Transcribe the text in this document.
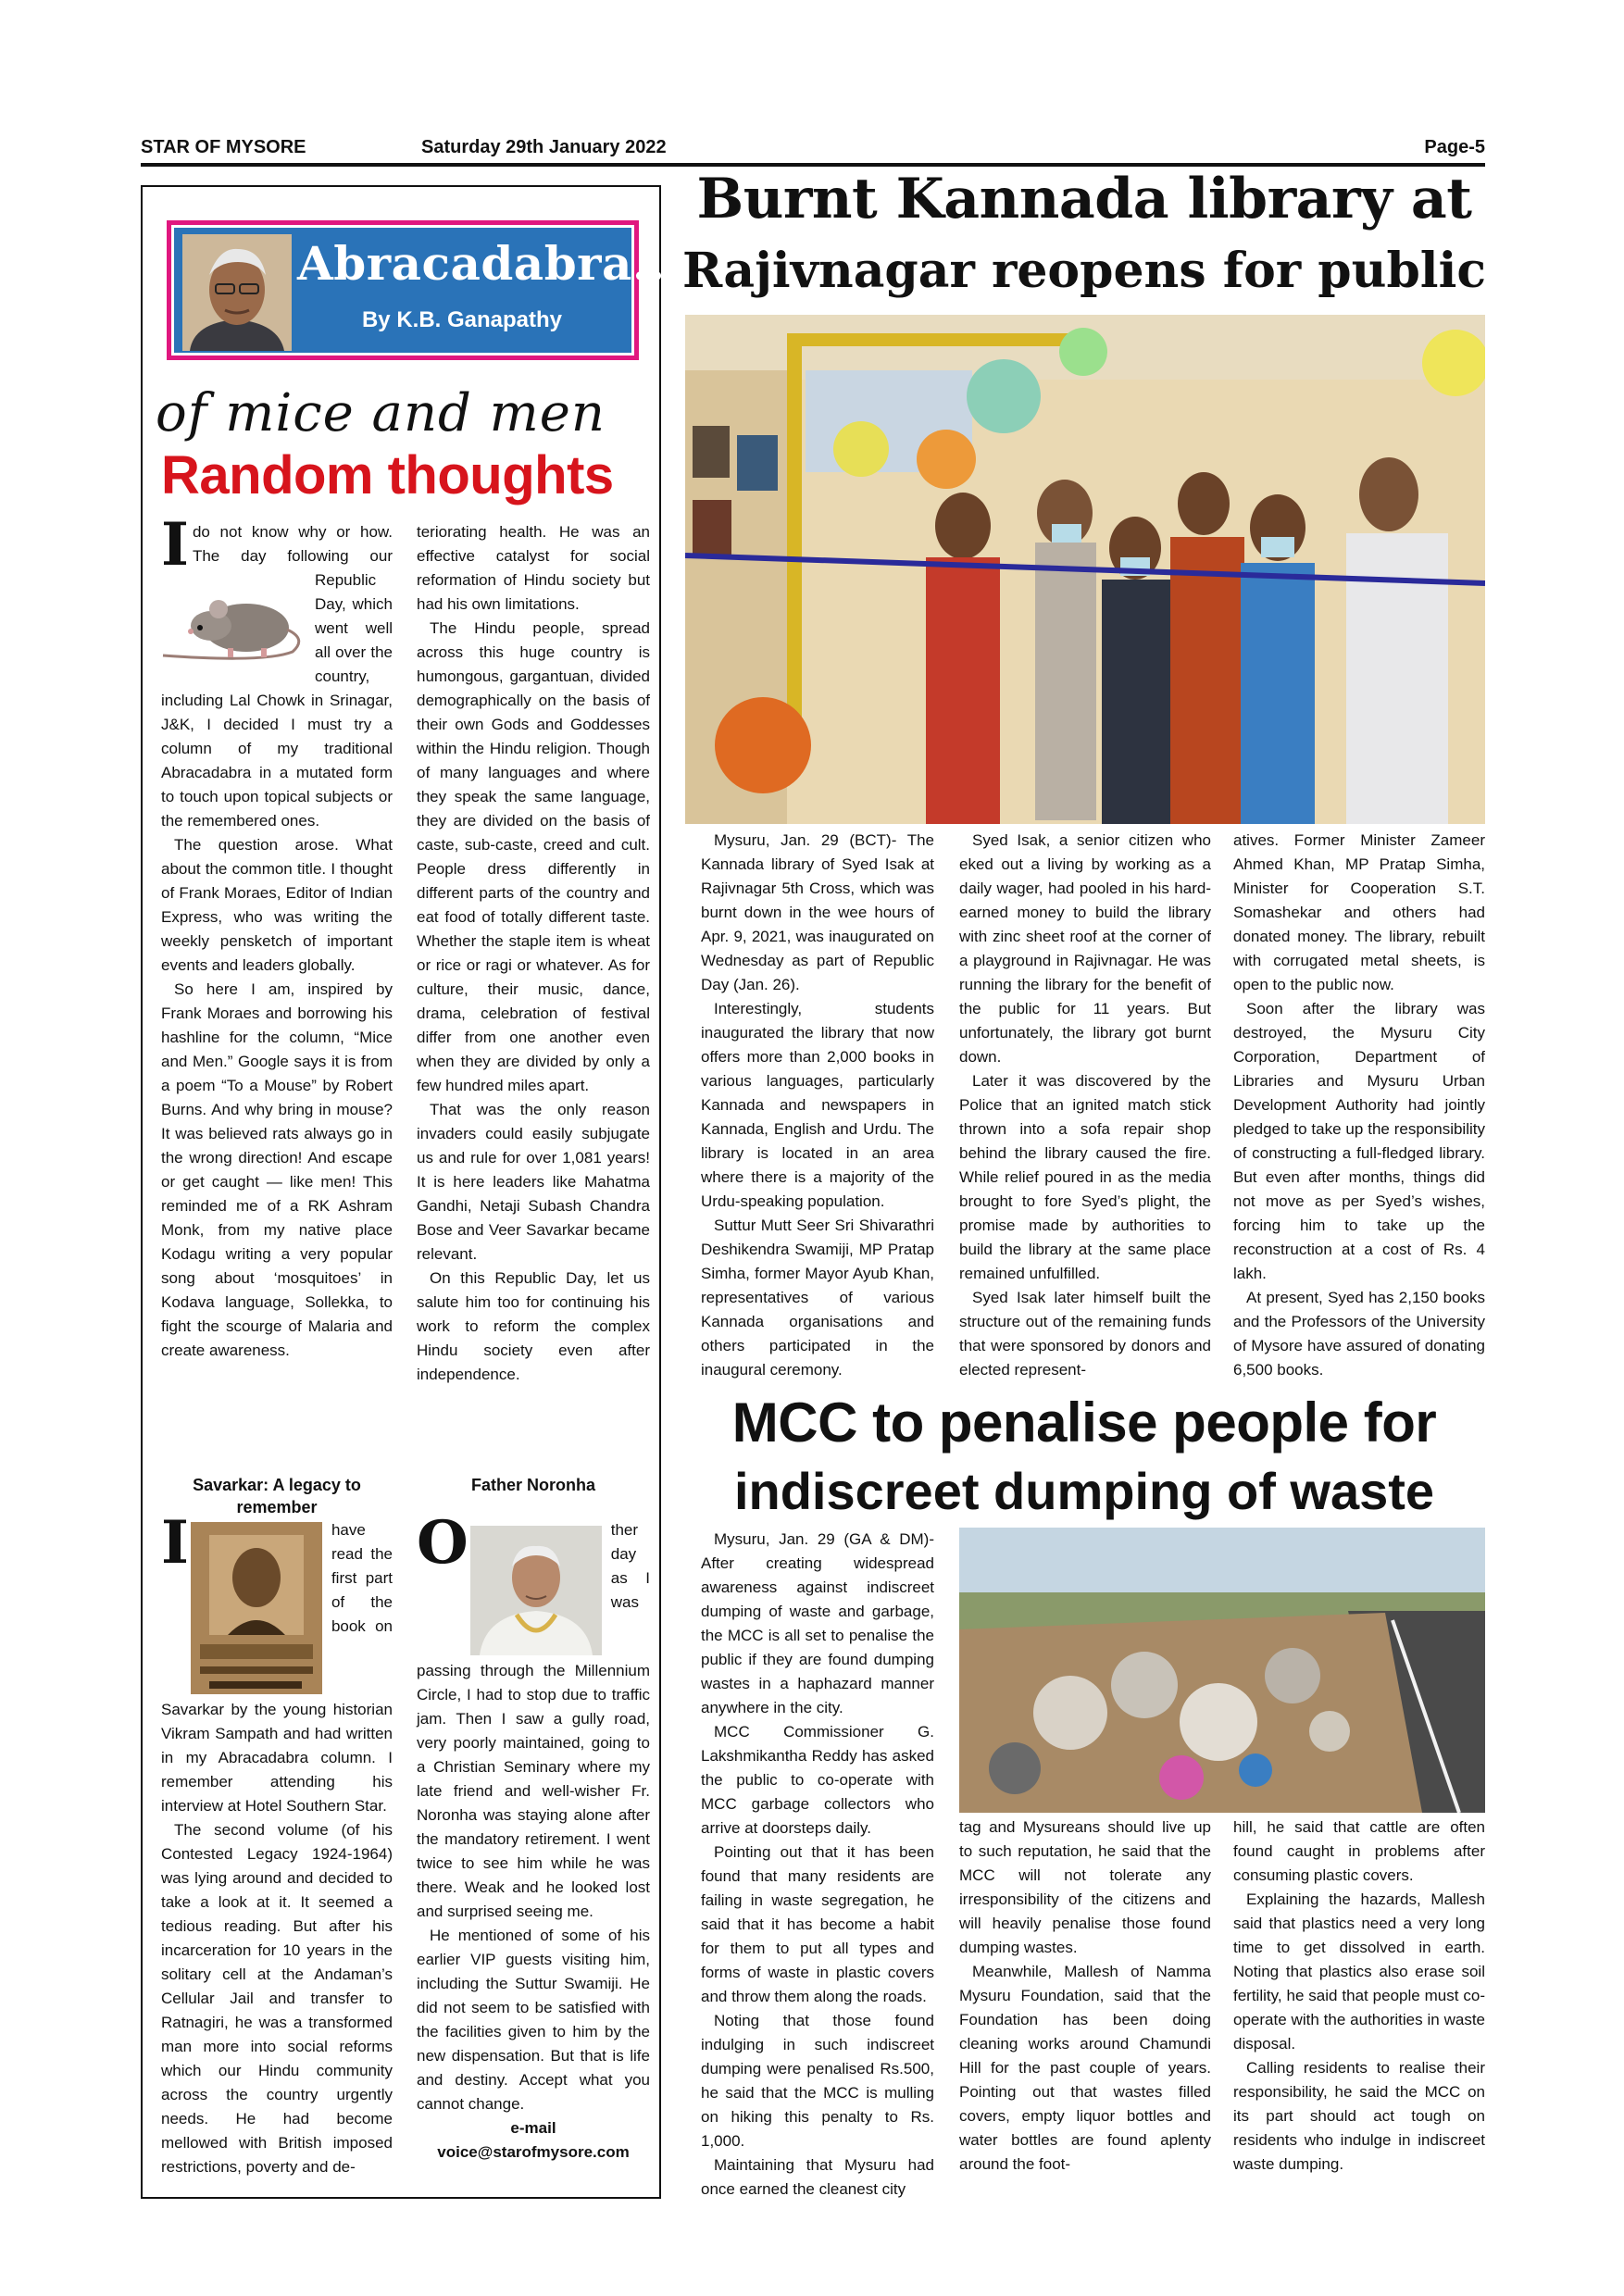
STAR OF MYSORE	Saturday 29th January 2022	Page-5
Abracadabra...
By K.B. Ganapathy
of mice and men
Random thoughts

I do not know why or how. The day following our Republic Day, which went well all over the country, including Lal Chowk in Srinagar, J&K, I decided I must try a column of my traditional Abracadabra in a mutated form to touch upon topical subjects or the remembered ones.

The question arose. What about the common title. I thought of Frank Moraes, Editor of Indian Express, who was writing the weekly pensketch of important events and leaders globally.

So here I am, inspired by Frank Moraes and borrowing his hashline for the column, “Mice and Men.” Google says it is from a poem “To a Mouse” by Robert Burns. And why bring in mouse? It was believed rats always go in the wrong direction! And escape or get caught — like men! This reminded me of a RK Ashram Monk, from my native place Kodagu writing a very popular song about ‘mosquitoes’ in Kodava language, Sollekka, to fight the scourge of Malaria and create awareness.

teriorating health. He was an effective catalyst for social reformation of Hindu society but had his own limitations.

The Hindu people, spread across this huge country is humongous, gargantuan, divided demographically on the basis of their own Gods and Goddesses within the Hindu religion. Though of many languages and where they speak the same language, they are divided on the basis of caste, sub-caste, creed and cult. People dress differently in different parts of the country and eat food of totally different taste. Whether the staple item is wheat or rice or ragi or whatever. As for culture, their music, dance, drama, celebration of festival differ from one another even when they are divided by only a few hundred miles apart.

That was the only reason invaders could easily subjugate us and rule for over 1,081 years! It is here leaders like Mahatma Gandhi, Netaji Subash Chandra Bose and Veer Savarkar became relevant.

On this Republic Day, let us salute him too for continuing his work to reform the complex Hindu society even after independence.

Savarkar: A legacy to remember
Father Noronha

I	have read the first part of the book on Savarkar by the young historian Vikram Sampath and had written in my Abracadabra column. I remember attending his interview at Hotel Southern Star.

The second volume (of his Contested Legacy 1924-1964) was lying around and decided to take a look at it. It seemed a tedious reading. But after his incarceration for 10 years in the solitary cell at the Andaman’s Cellular Jail and transfer to Ratnagiri, he was a transformed man more into social reforms which our Hindu community across the country urgently needs. He had become mellowed with British imposed restrictions, poverty and de-

O	ther day as I was passing through the Millennium Circle, I had to stop due to traffic jam. Then I saw a gully road, very poorly maintained, going to a Christian Seminary where my late friend and well-wisher Fr. Noronha was staying alone after the mandatory retirement. I went twice to see him while he was there. Weak and he looked lost and surprised seeing me.

He mentioned of some of his earlier VIP guests visiting him, including the Suttur Swamiji. He did not seem to be satisfied with the facilities given to him by the new dispensation. But that is life and destiny. Accept what you cannot change.

e-mail

voice@starofmysore.com

Burnt Kannada library at
Rajivnagar reopens for public

Mysuru, Jan. 29 (BCT)- The Kannada library of Syed Isak at Rajivnagar 5th Cross, which was burnt down in the wee hours of Apr. 9, 2021, was inaugurated on Wednesday as part of Republic Day (Jan. 26).

Interestingly, students inaugurated the library that now offers more than 2,000 books in various languages, particularly Kannada and newspapers in Kannada, English and Urdu. The library is located in an area where there is a majority of the Urdu-speaking population.

Suttur Mutt Seer Sri Shivarathri Deshikendra Swamiji, MP Pratap Simha, former Mayor Ayub Khan, representatives of various Kannada organisations and others participated in the inaugural ceremony.

Syed Isak, a senior citizen who eked out a living by working as a daily wager, had pooled in his hard-earned money to build the library with zinc sheet roof at the corner of a playground in Rajivnagar. He was running the library for the benefit of the public for 11 years. But unfortunately, the library got burnt down.

Later it was discovered by the Police that an ignited match stick thrown into a sofa repair shop behind the library caused the fire. While relief poured in as the media brought to fore Syed’s plight, the promise made by authorities to build the library at the same place remained unfulfilled.

Syed Isak later himself built the structure out of the remaining funds that were sponsored by donors and elected represent-

atives. Former Minister Zameer Ahmed Khan, MP Pratap Simha, Minister for Cooperation S.T. Somashekar and others had donated money. The library, rebuilt with corrugated metal sheets, is open to the public now.

Soon after the library was destroyed, the Mysuru City Corporation, Department of Libraries and Mysuru Urban Development Authority had jointly pledged to take up the responsibility of constructing a full-fledged library. But even after months, things did not move as per Syed’s wishes, forcing him to take up the reconstruction at a cost of Rs. 4 lakh.

At present, Syed has 2,150 books and the Professors of the University of Mysore have assured of donating 6,500 books.

MCC to penalise people for
indiscreet dumping of waste

Mysuru, Jan. 29 (GA & DM)- After creating widespread awareness against indiscreet dumping of waste and garbage, the MCC is all set to penalise the public if they are found dumping wastes in a haphazard manner anywhere in the city.

MCC Commissioner G. Lakshmikantha Reddy has asked the public to co-operate with MCC garbage collectors who arrive at doorsteps daily.

Pointing out that it has been found that many residents are failing in waste segregation, he said that it has become a habit for them to put all types and forms of waste in plastic covers and throw them along the roads.

Noting that those found indulging in such indiscreet dumping were penalised Rs.500, he said that the MCC is mulling on hiking this penalty to Rs. 1,000.

Maintaining that Mysuru had once earned the cleanest city

tag and Mysureans should live up to such reputation, he said that the MCC will not tolerate any irresponsibility of the citizens and will heavily penalise those found dumping wastes.

Meanwhile, Mallesh of Namma Mysuru Foundation, said that the Foundation has been doing cleaning works around Chamundi Hill for the past couple of years. Pointing out that wastes filled covers, empty liquor bottles and water bottles are found aplenty around the foot-

hill, he said that cattle are often found caught in problems after consuming plastic covers.

Explaining the hazards, Mallesh said that plastics need a very long time to get dissolved in earth. Noting that plastics also erase soil fertility, he said that people must co-operate with the authorities in waste disposal.

Calling residents to realise their responsibility, he said the MCC on its part should act tough on residents who indulge in indiscreet waste dumping.
